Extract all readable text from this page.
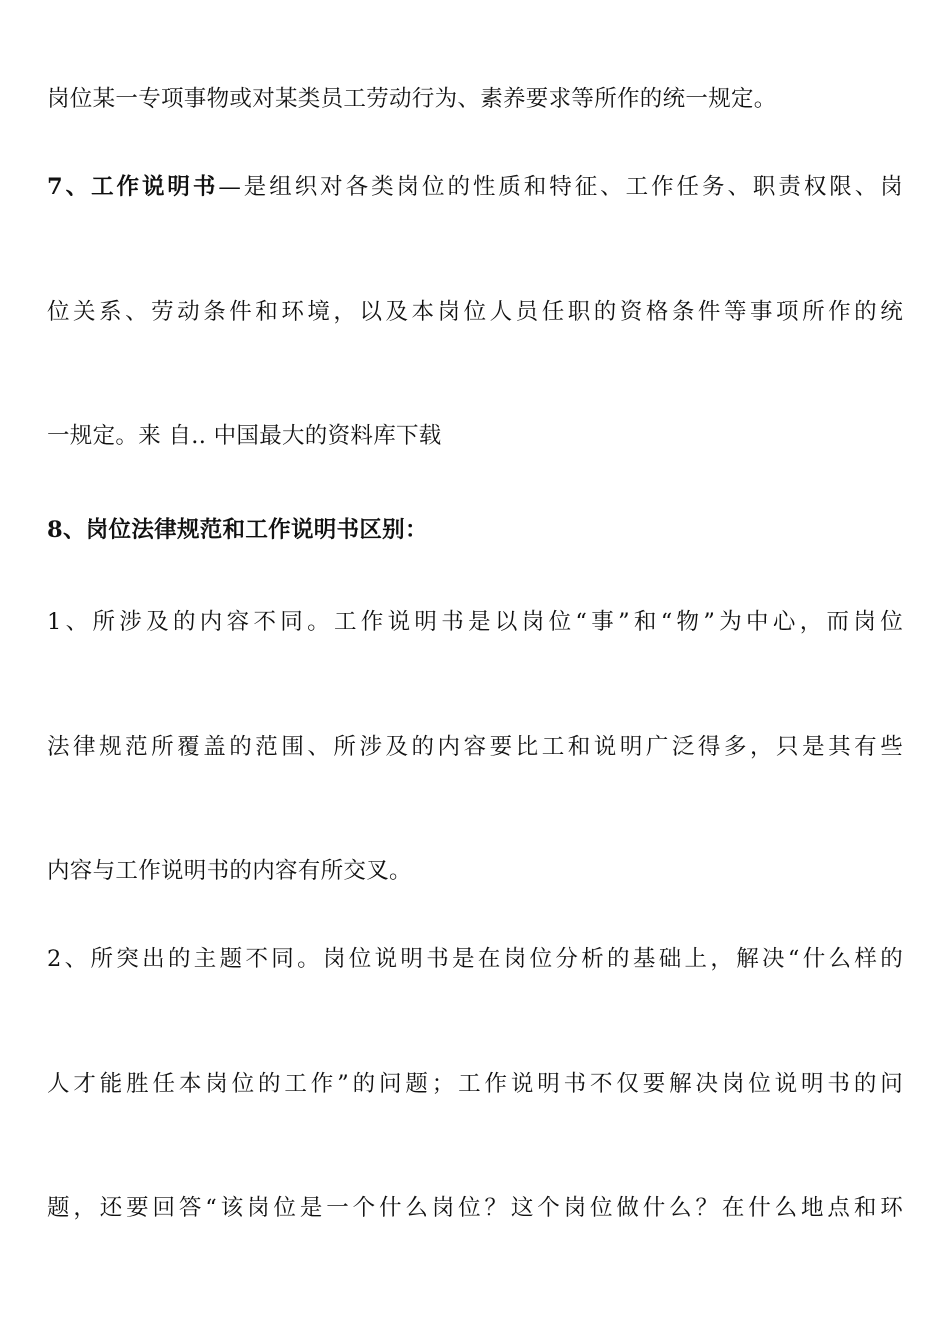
岗位某一专项事物或对某类员工劳动行为、素养要求等所作的统一规定。
7、工作说明书—是组织对各类岗位的性质和特征、工作任务、职责权限、岗
位关系、劳动条件和环境，以及本岗位人员任职的资格条件等事项所作的统
一规定。来 自.. 中国最大的资料库下载
8、岗位法律规范和工作说明书区别：
1、所涉及的内容不同。工作说明书是以岗位“事”和“物”为中心，而岗位
法律规范所覆盖的范围、所涉及的内容要比工和说明广泛得多，只是其有些
内容与工作说明书的内容有所交叉。
2、所突出的主题不同。岗位说明书是在岗位分析的基础上，解决“什么样的
人才能胜任本岗位的工作”的问题；工作说明书不仅要解决岗位说明书的问
题，还要回答“该岗位是一个什么岗位？这个岗位做什么？在什么地点和环
